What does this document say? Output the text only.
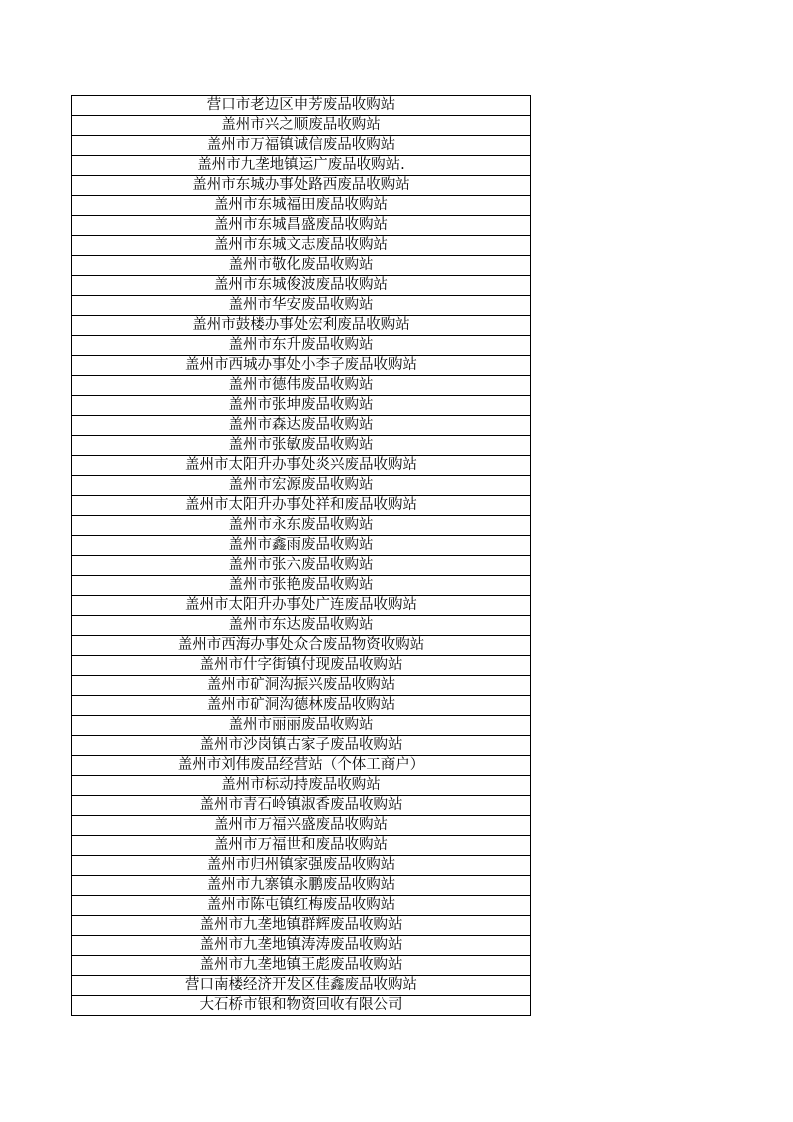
营口市老边区申芳废品收购站
盖州市兴之顺废品收购站
盖州市万福镇诚信废品收购站
盖州市九垄地镇运广废品收购站.
盖州市东城办事处路西废品收购站
盖州市东城福田废品收购站
盖州市东城昌盛废品收购站
盖州市东城文志废品收购站
盖州市敬化废品收购站
盖州市东城俊波废品收购站
盖州市华安废品收购站
盖州市鼓楼办事处宏利废品收购站
盖州市东升废品收购站
盖州市西城办事处小李子废品收购站
盖州市德伟废品收购站
盖州市张坤废品收购站
盖州市森达废品收购站
盖州市张敏废品收购站
盖州市太阳升办事处炎兴废品收购站
盖州市宏源废品收购站
盖州市太阳升办事处祥和废品收购站
盖州市永东废品收购站
盖州市鑫雨废品收购站
盖州市张六废品收购站
盖州市张艳废品收购站
盖州市太阳升办事处广连废品收购站
盖州市东达废品收购站
盖州市西海办事处众合废品物资收购站
盖州市什字街镇付现废品收购站
盖州市矿洞沟振兴废品收购站
盖州市矿洞沟德林废品收购站
盖州市丽丽废品收购站
盖州市沙岗镇古家子废品收购站
盖州市刘伟废品经营站（个体工商户）
盖州市标动持废品收购站
盖州市青石岭镇淑香废品收购站
盖州市万福兴盛废品收购站
盖州市万福世和废品收购站
盖州市归州镇家强废品收购站
盖州市九寨镇永鹏废品收购站
盖州市陈屯镇红梅废品收购站
盖州市九垄地镇群辉废品收购站
盖州市九垄地镇涛涛废品收购站
盖州市九垄地镇王彪废品收购站
营口南楼经济开发区佳鑫废品收购站
大石桥市银和物资回收有限公司
